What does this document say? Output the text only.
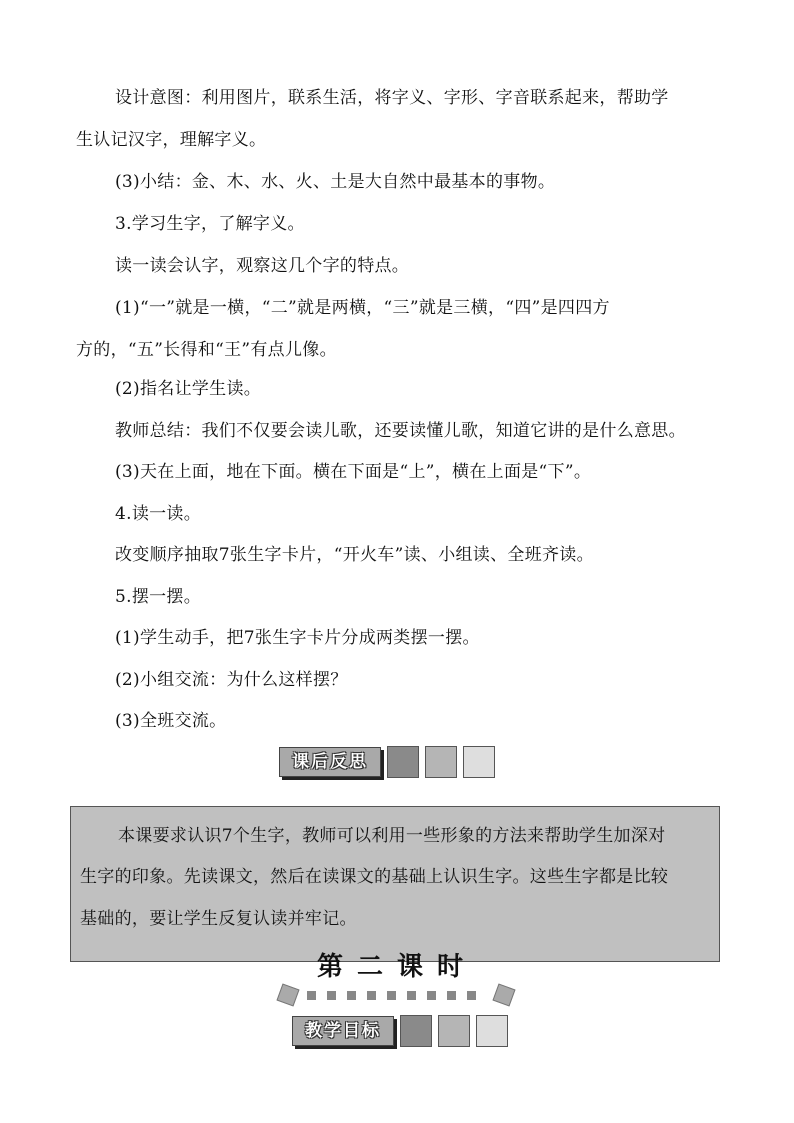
设计意图：利用图片，联系生活，将字义、字形、字音联系起来，帮助学
生认记汉字，理解字义。
(3)小结：金、木、水、火、土是大自然中最基本的事物。
3.学习生字，了解字义。
读一读会认字，观察这几个字的特点。
(1)“一”就是一横，“二”就是两横，“三”就是三横，“四”是四四方
方的，“五”长得和“王”有点儿像。
(2)指名让学生读。
教师总结：我们不仅要会读儿歌，还要读懂儿歌，知道它讲的是什么意思。
(3)天在上面，地在下面。横在下面是“上”，横在上面是“下”。
4.读一读。
改变顺序抽取7张生字卡片，“开火车”读、小组读、全班齐读。
5.摆一摆。
(1)学生动手，把7张生字卡片分成两类摆一摆。
(2)小组交流：为什么这样摆？
(3)全班交流。
课后反思
本课要求认识7个生字，教师可以利用一些形象的方法来帮助学生加深对
生字的印象。先读课文，然后在读课文的基础上认识生字。这些生字都是比较
基础的，要让学生反复认读并牢记。
第二课时
教学目标
